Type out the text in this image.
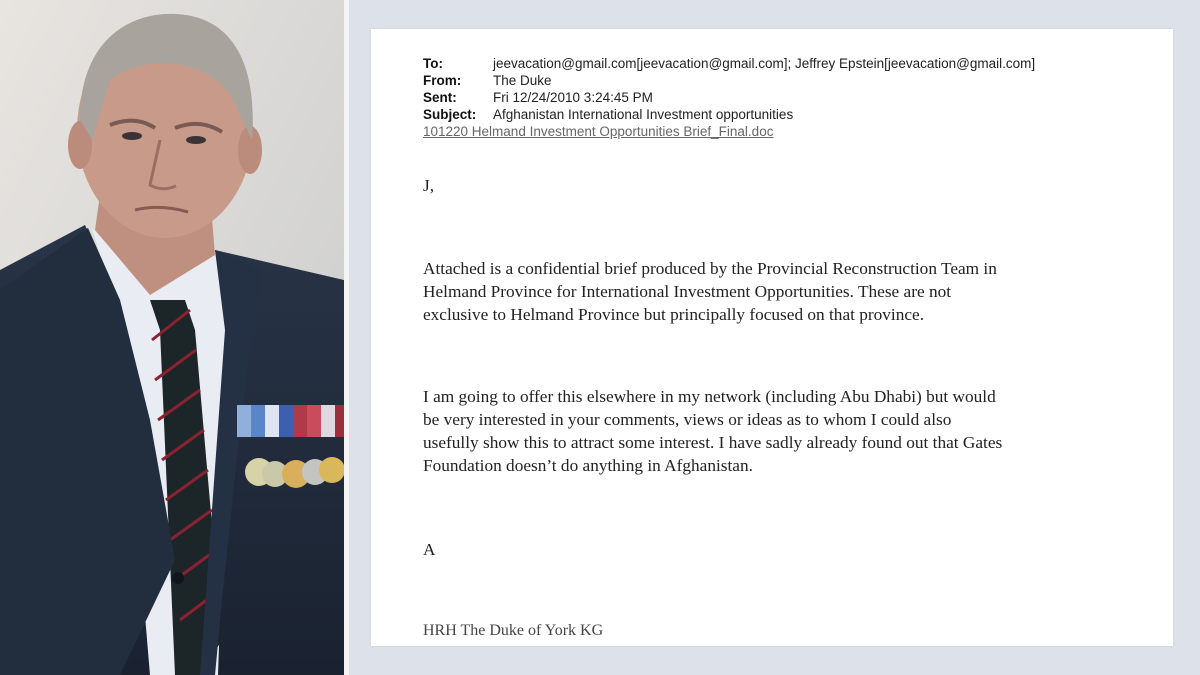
To:	jeevacation@gmail.com[jeevacation@gmail.com]; Jeffrey Epstein[jeevacation@gmail.com]
From:	The Duke
Sent:	Fri 12/24/2010 3:24:45 PM
Subject:	Afghanistan International Investment opportunities
101220 Helmand Investment Opportunities Brief_Final.doc
J,
Attached is a confidential brief produced by the Provincial Reconstruction Team in
Helmand Province for International Investment Opportunities. These are not
exclusive to Helmand Province but principally focused on that province.
I am going to offer this elsewhere in my network (including Abu Dhabi) but would
be very interested in your comments, views or ideas as to whom I could also
usefully show this to attract some interest. I have sadly already found out that Gates
Foundation doesn’t do anything in Afghanistan.
A
HRH The Duke of York KG
